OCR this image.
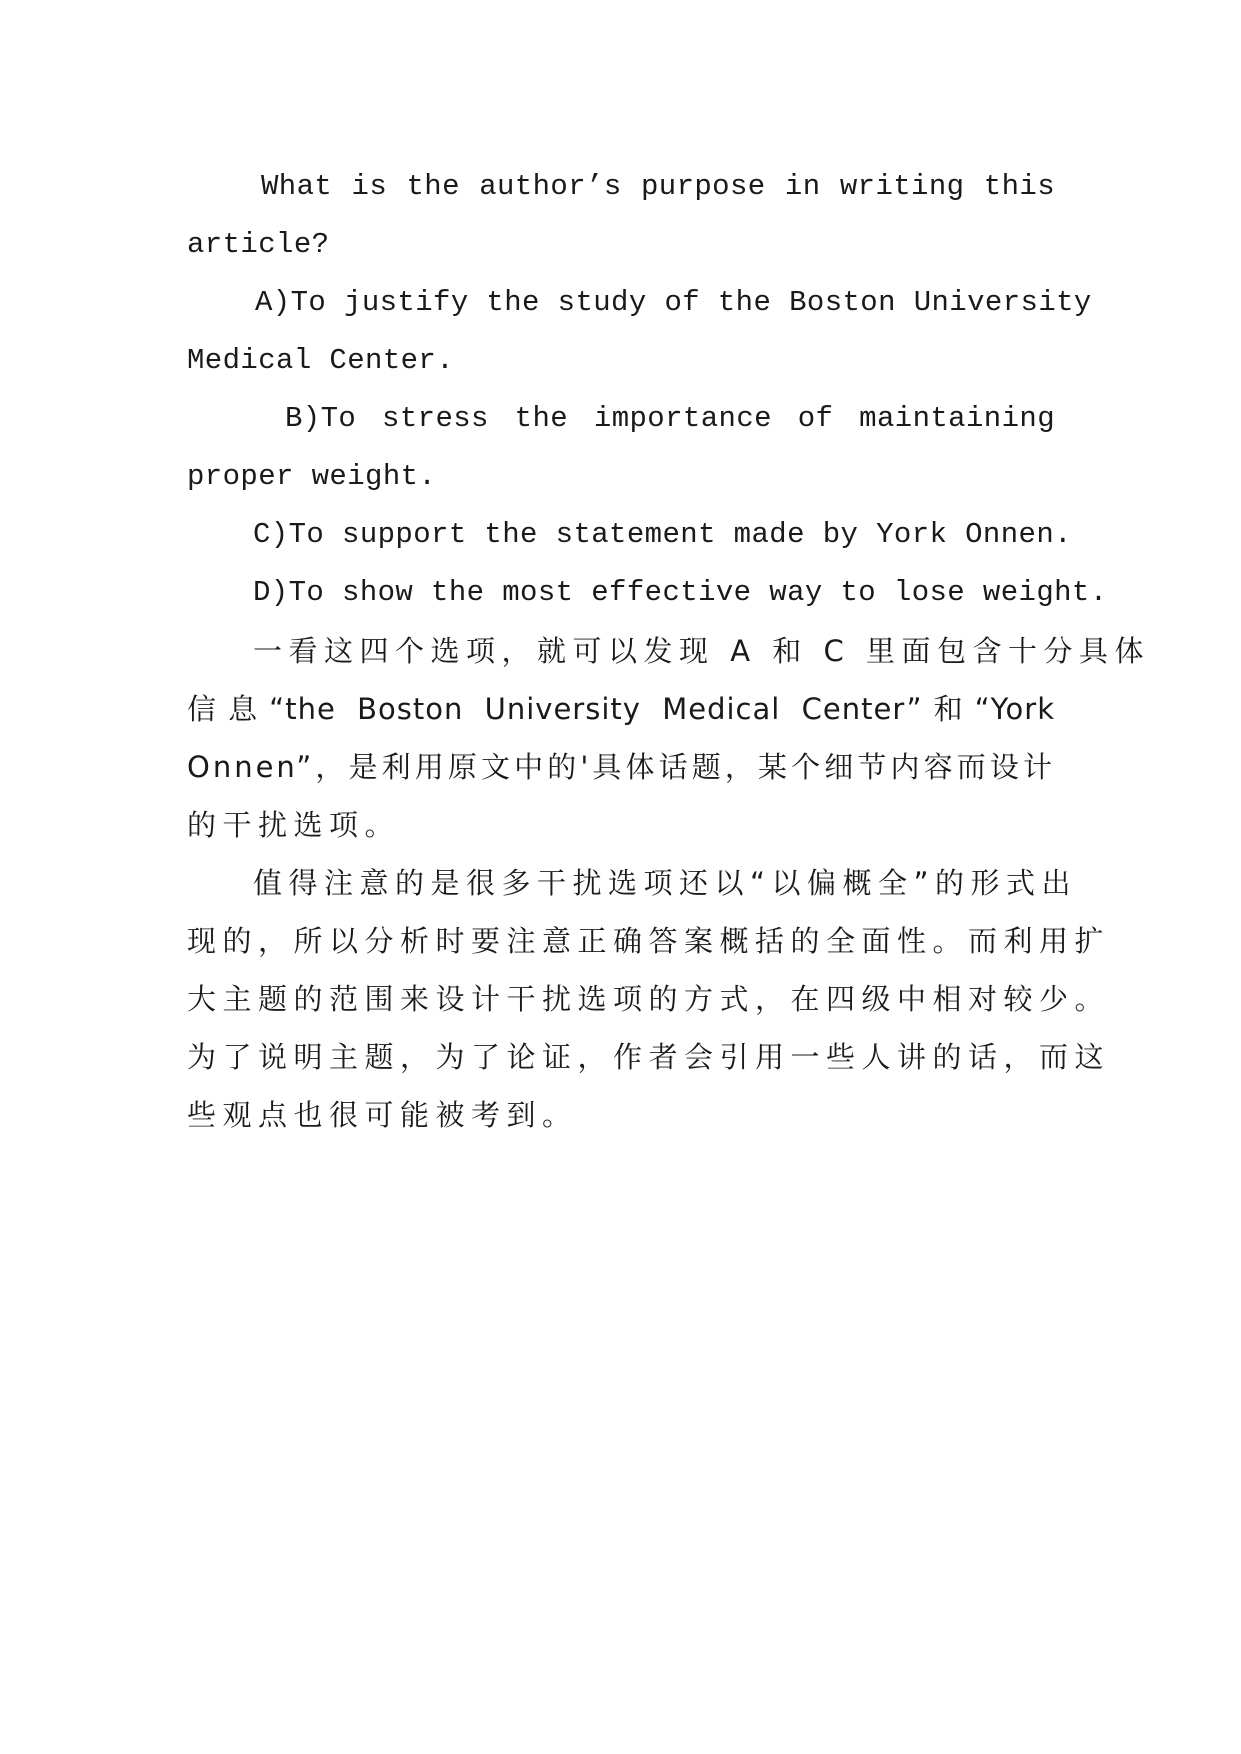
What is the author’s purpose in writing this
article?

A)To justify the study of the Boston University
Medical Center.

B)To stress the importance of maintaining
proper weight.

C)To support the statement made by York Onnen.

D)To show the most effective way to lose weight.

一看这四个选项，就可以发现 A 和 C 里面包含十分具体
信息“the Boston University Medical Center”和“York
Onnen”，是利用原文中的'具体话题，某个细节内容而设计
的干扰选项。

值得注意的是很多干扰选项还以“以偏概全”的形式出
现的，所以分析时要注意正确答案概括的全面性。而利用扩
大主题的范围来设计干扰选项的方式，在四级中相对较少。
为了说明主题，为了论证，作者会引用一些人讲的话，而这
些观点也很可能被考到。
